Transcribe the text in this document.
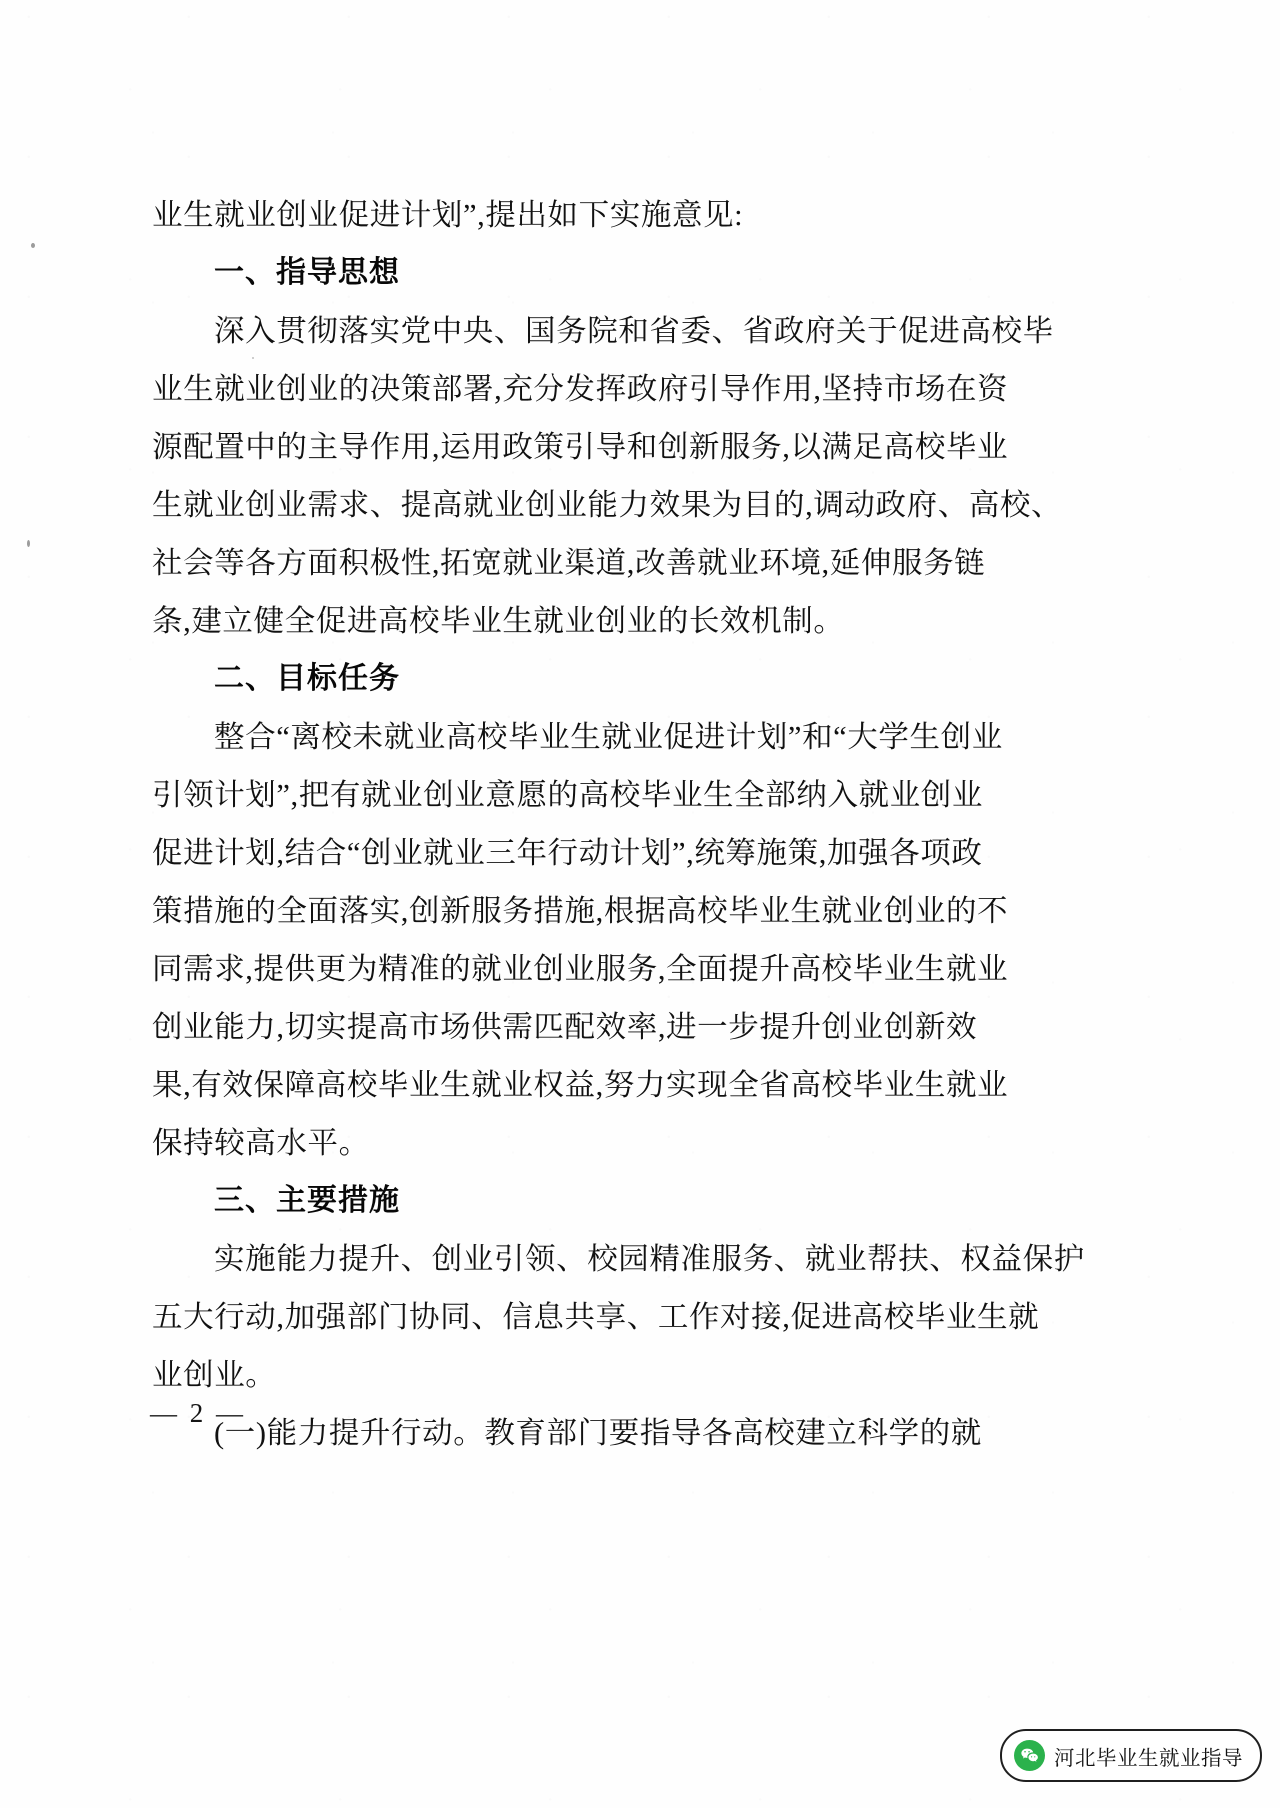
业生就业创业促进计划”,提出如下实施意见:
一、指导思想
深入贯彻落实党中央、国务院和省委、省政府关于促进高校毕
业生就业创业的决策部署,充分发挥政府引导作用,坚持市场在资
源配置中的主导作用,运用政策引导和创新服务,以满足高校毕业
生就业创业需求、提高就业创业能力效果为目的,调动政府、高校、
社会等各方面积极性,拓宽就业渠道,改善就业环境,延伸服务链
条,建立健全促进高校毕业生就业创业的长效机制。
二、目标任务
整合“离校未就业高校毕业生就业促进计划”和“大学生创业
引领计划”,把有就业创业意愿的高校毕业生全部纳入就业创业
促进计划,结合“创业就业三年行动计划”,统筹施策,加强各项政
策措施的全面落实,创新服务措施,根据高校毕业生就业创业的不
同需求,提供更为精准的就业创业服务,全面提升高校毕业生就业
创业能力,切实提高市场供需匹配效率,进一步提升创业创新效
果,有效保障高校毕业生就业权益,努力实现全省高校毕业生就业
保持较高水平。
三、主要措施
实施能力提升、创业引领、校园精准服务、就业帮扶、权益保护
五大行动,加强部门协同、信息共享、工作对接,促进高校毕业生就
业创业。
(一)能力提升行动。教育部门要指导各高校建立科学的就
— 2 —
河北毕业生就业指导
